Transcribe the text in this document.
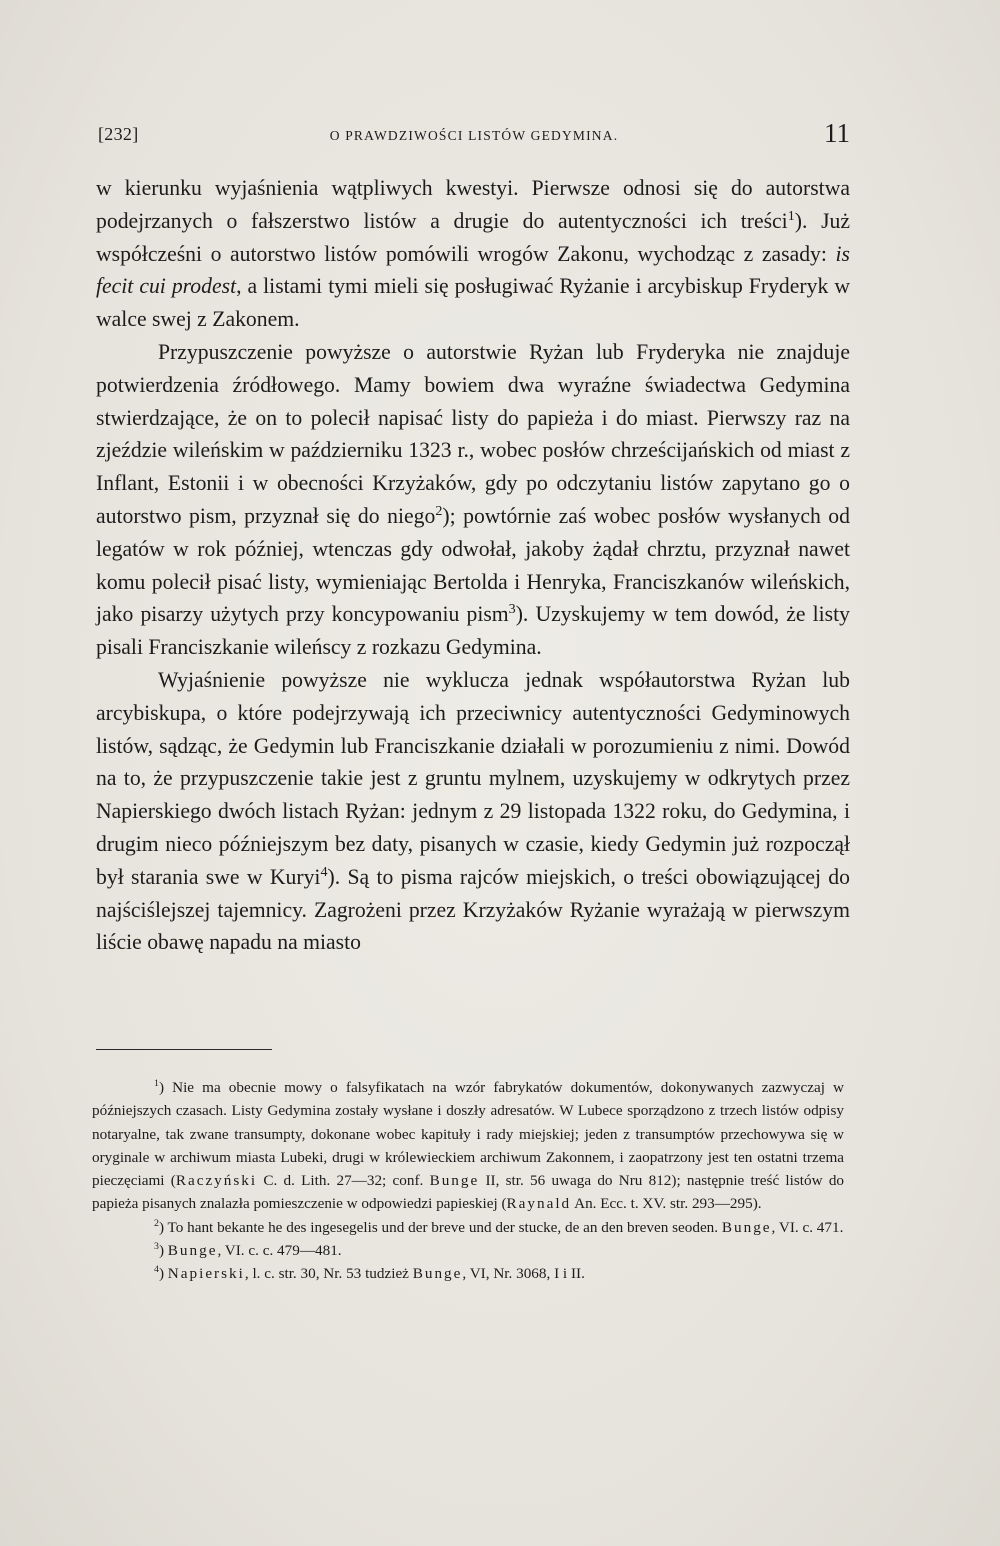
[232]	O PRAWDZIWOŚCI LISTÓW GEDYMINA.	11

w kierunku wyjaśnienia wątpliwych kwestyi. Pierwsze odnosi się do autorstwa podejrzanych o fałszerstwo listów a drugie do autentyczności ich treści$^1$). Już współcześni o autorstwo listów pomówili wrogów Zakonu, wychodząc z zasady: is fecit cui prodest, a listami tymi mieli się posługiwać Ryżanie i arcybiskup Fryderyk w walce swej z Zakonem.

Przypuszczenie powyższe o autorstwie Ryżan lub Fryderyka nie znajduje potwierdzenia źródłowego. Mamy bowiem dwa wyraźne świadectwa Gedymina stwierdzające, że on to polecił napisać listy do papieża i do miast. Pierwszy raz na zjeździe wileńskim w październiku 1323 r., wobec posłów chrześcijańskich od miast z Inflant, Estonii i w obecności Krzyżaków, gdy po odczytaniu listów zapytano go o autorstwo pism, przyznał się do niego$^2$); powtórnie zaś wobec posłów wysłanych od legatów w rok później, wtenczas gdy odwołał, jakoby żądał chrztu, przyznał nawet komu polecił pisać listy, wymieniając Bertolda i Henryka, Franciszkanów wileńskich, jako pisarzy użytych przy koncypowaniu pism$^3$). Uzyskujemy w tem dowód, że listy pisali Franciszkanie wileńscy z rozkazu Gedymina.

Wyjaśnienie powyższe nie wyklucza jednak współautorstwa Ryżan lub arcybiskupa, o które podejrzywają ich przeciwnicy autentyczności Gedyminowych listów, sądząc, że Gedymin lub Franciszkanie działali w porozumieniu z nimi. Dowód na to, że przypuszczenie takie jest z gruntu mylnem, uzyskujemy w odkrytych przez Napierskiego dwóch listach Ryżan: jednym z 29 listopada 1322 roku, do Gedymina, i drugim nieco późniejszym bez daty, pisanych w czasie, kiedy Gedymin już rozpoczął był starania swe w Kuryi$^4$). Są to pisma rajców miejskich, o treści obowiązującej do najściślejszej tajemnicy. Zagrożeni przez Krzyżaków Ryżanie wyrażają w pierwszym liście obawę napadu na miasto

$^1$) Nie ma obecnie mowy o falsyfikatach na wzór fabrykatów dokumentów, dokonywanych zazwyczaj w późniejszych czasach. Listy Gedymina zostały wysłane i doszły adresatów. W Lubece sporządzono z trzech listów odpisy notaryalne, tak zwane transumpty, dokonane wobec kapituły i rady miejskiej; jeden z transumptów przechowywa się w oryginale w archiwum miasta Lubeki, drugi w królewieckiem archiwum Zakonnem, i zaopatrzony jest ten ostatni trzema pieczęciami (Raczyński C. d. Lith. 27—32; conf. Bunge II, str. 56 uwaga do Nru 812); następnie treść listów do papieża pisanych znalazła pomieszczenie w odpowiedzi papieskiej (Raynald An. Ecc. t. XV. str. 293—295).

$^2$) To hant bekante he des ingesegelis und der breve und der stucke, de an den breven seoden. Bunge, VI. c. 471.

$^3$) Bunge, VI. c. c. 479—481.

$^4$) Napierski, l. c. str. 30, Nr. 53 tudzież Bunge, VI, Nr. 3068, I i II.
